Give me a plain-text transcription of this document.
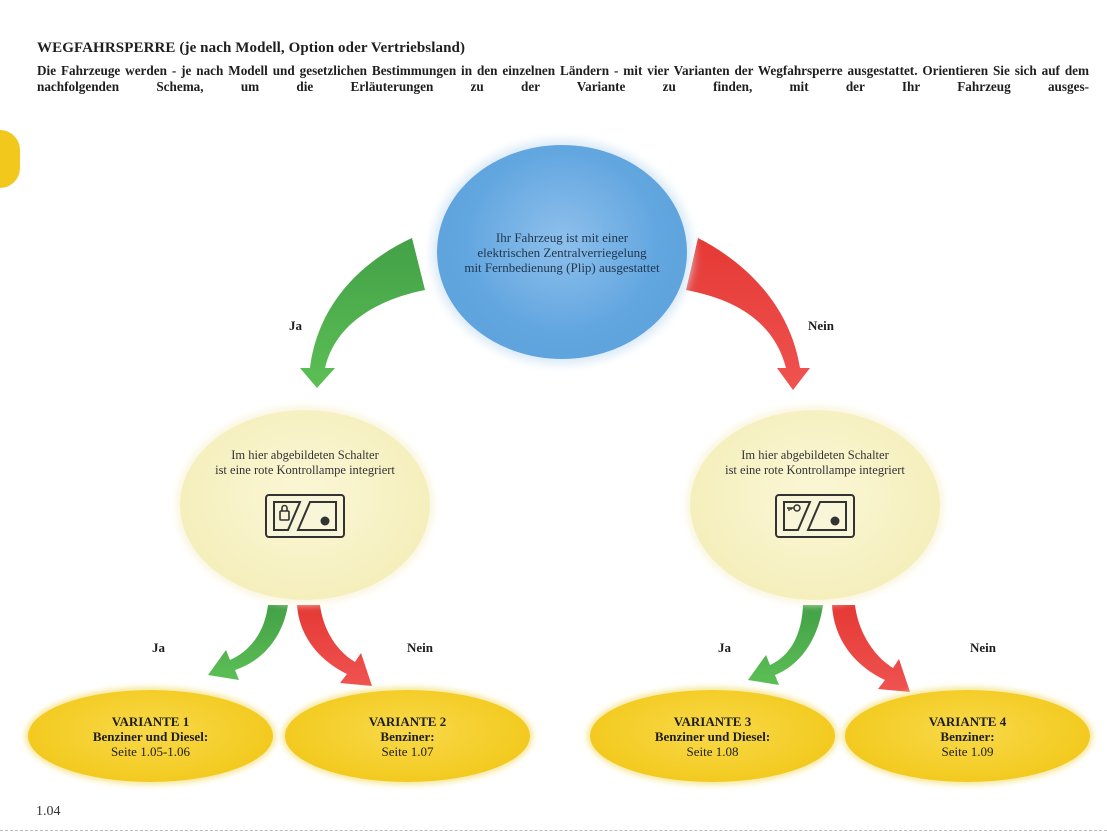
WEGFAHRSPERRE (je nach Modell, Option oder Vertriebsland)
Die Fahrzeuge werden - je nach Modell und gesetzlichen Bestimmungen in den einzelnen Ländern - mit vier Varianten der Wegfahrsperre ausgestattet. Orientieren Sie sich auf dem nachfolgenden Schema, um die Erläuterungen zu der Variante zu finden, mit der Ihr Fahrzeug ausges-
Ihr Fahrzeug ist mit einer
elektrischen Zentralverriegelung
mit Fernbedienung (Plip) ausgestattet
Ja	Nein
Im hier abgebildeten Schalter
ist eine rote Kontrollampe integriert
Im hier abgebildeten Schalter
ist eine rote Kontrollampe integriert
Ja	Nein	Ja	Nein
VARIANTE 1
Benziner und Diesel:
Seite 1.05-1.06
VARIANTE 2
Benziner:
Seite 1.07
VARIANTE 3
Benziner und Diesel:
Seite 1.08
VARIANTE 4
Benziner:
Seite 1.09
1.04
